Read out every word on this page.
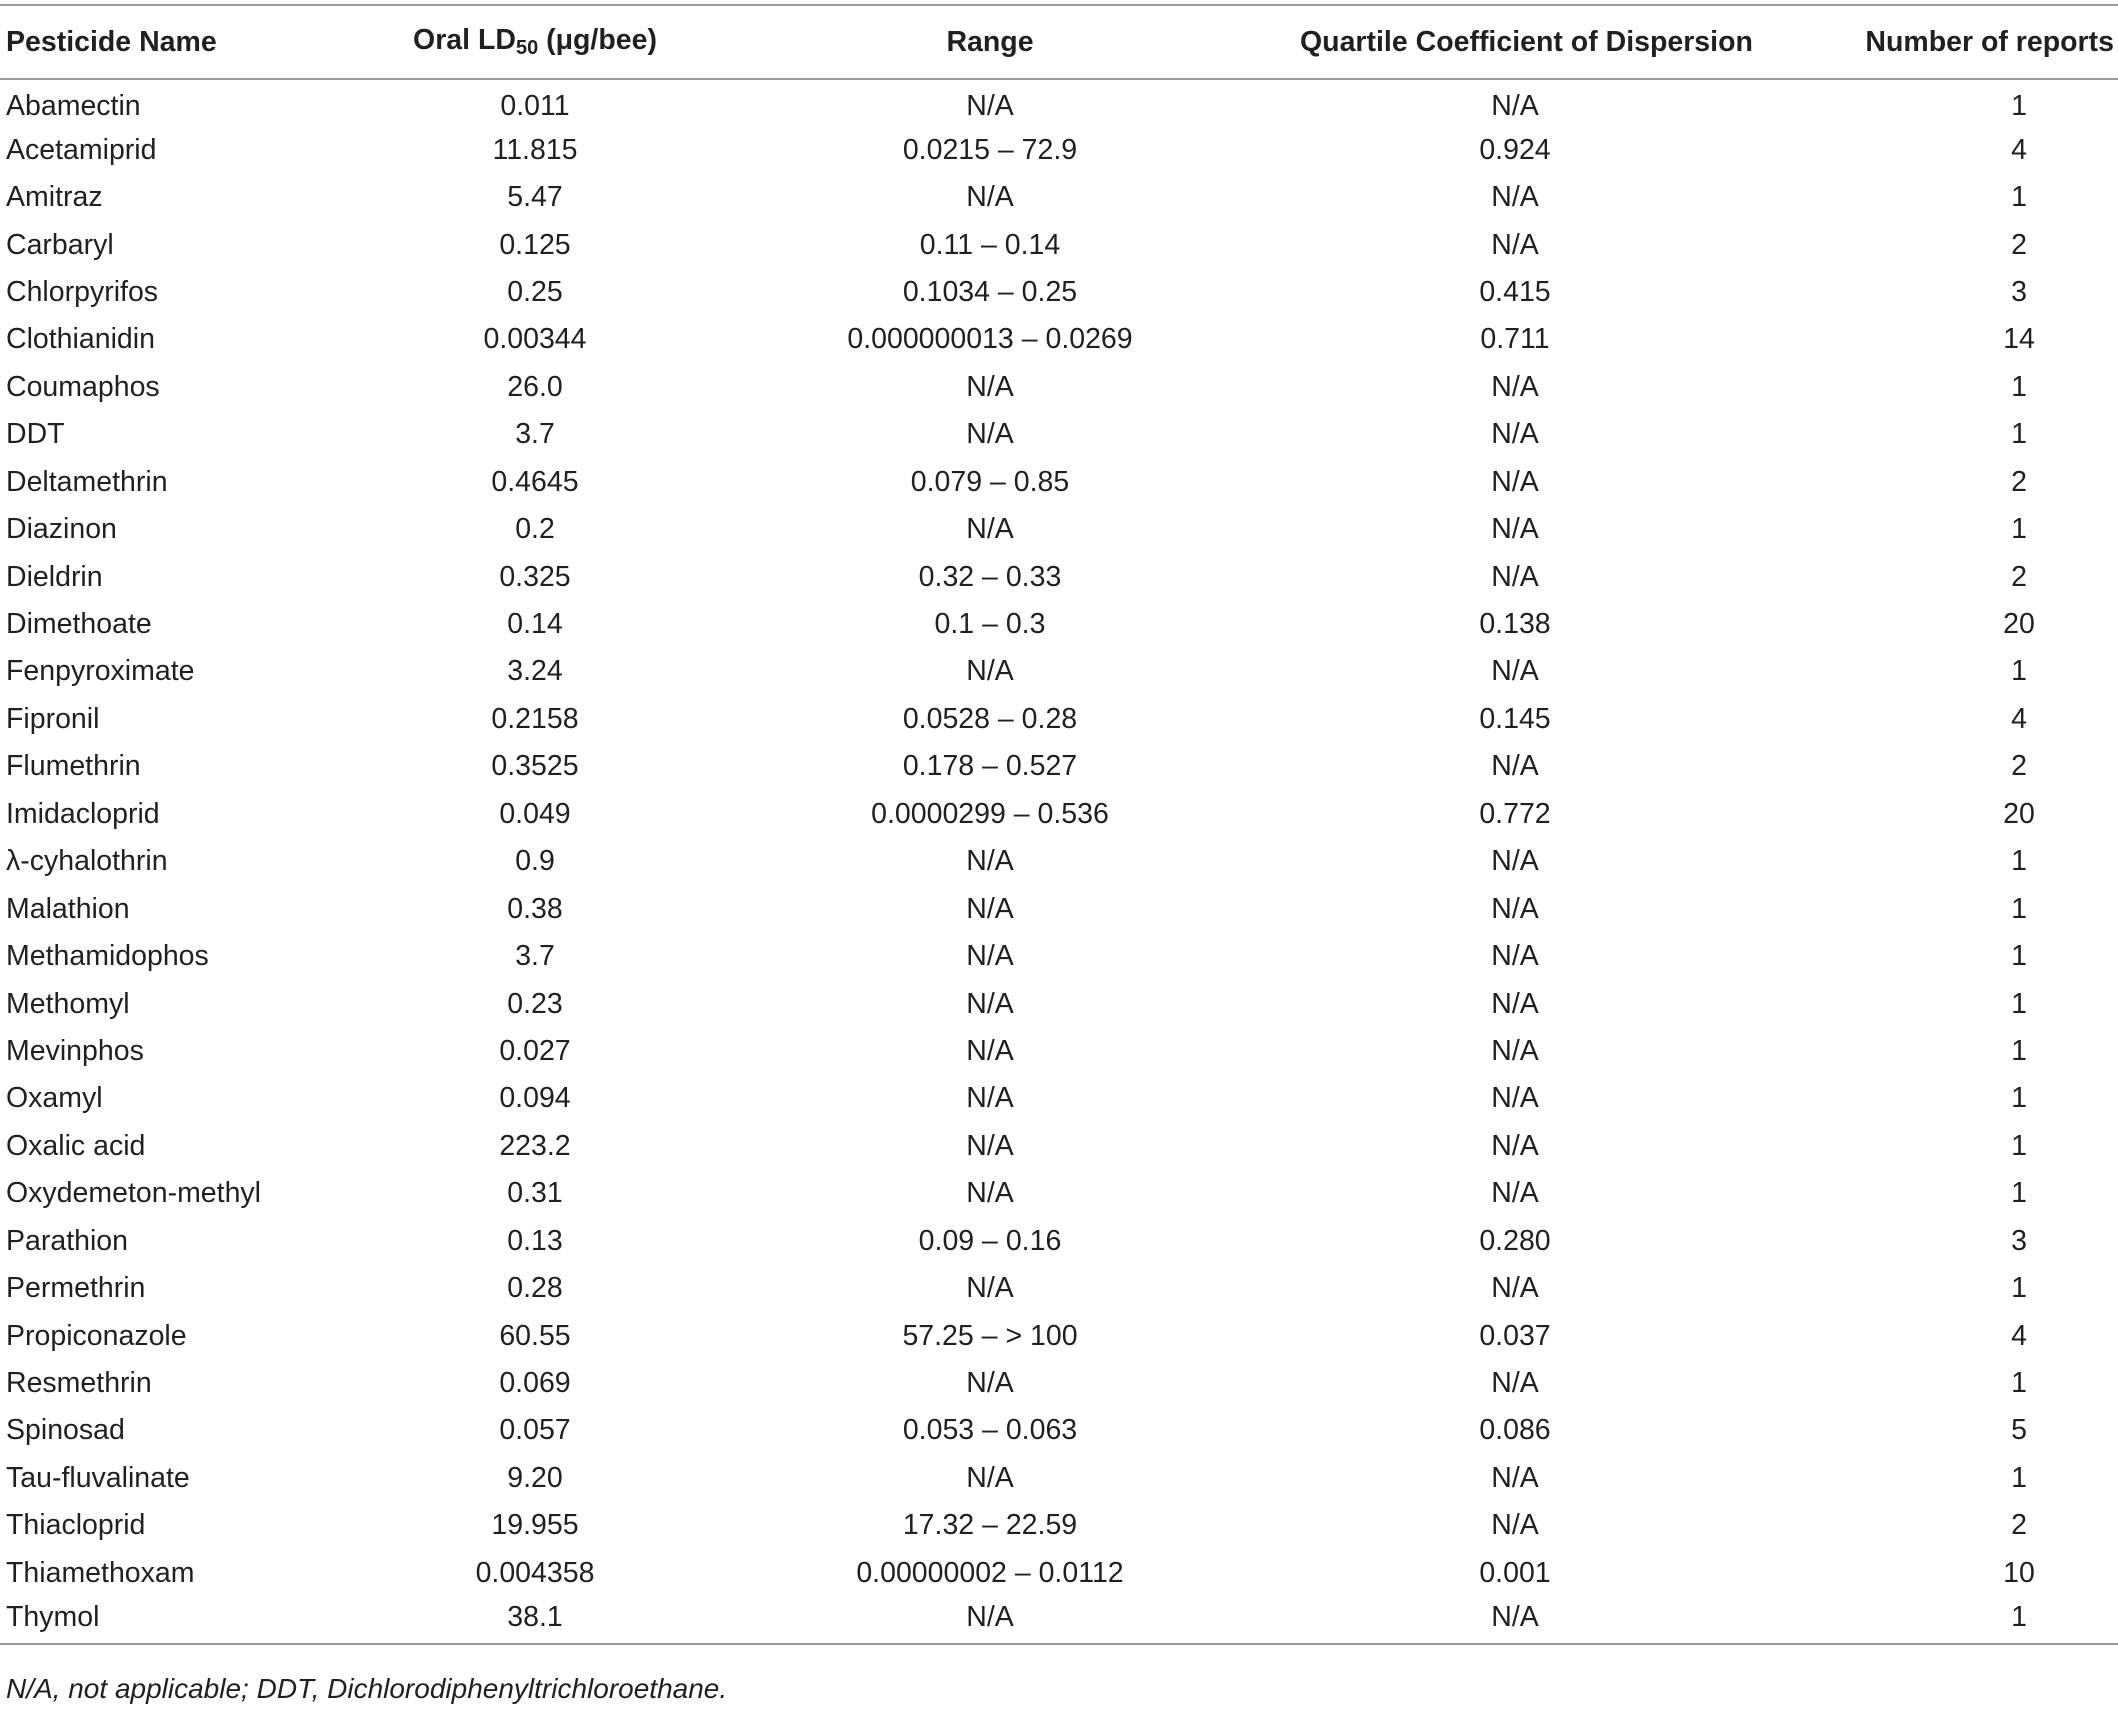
Pesticide Name	Oral $LD_{50}$ (μg/bee)	Range	Quartile Coefficient of Dispersion	Number of reports
Abamectin	0.011	N/A	N/A	1
Acetamiprid	11.815	0.0215 – 72.9	0.924	4
Amitraz	5.47	N/A	N/A	1
Carbaryl	0.125	0.11 – 0.14	N/A	2
Chlorpyrifos	0.25	0.1034 – 0.25	0.415	3
Clothianidin	0.00344	0.000000013 – 0.0269	0.711	14
Coumaphos	26.0	N/A	N/A	1
DDT	3.7	N/A	N/A	1
Deltamethrin	0.4645	0.079 – 0.85	N/A	2
Diazinon	0.2	N/A	N/A	1
Dieldrin	0.325	0.32 – 0.33	N/A	2
Dimethoate	0.14	0.1 – 0.3	0.138	20
Fenpyroximate	3.24	N/A	N/A	1
Fipronil	0.2158	0.0528 – 0.28	0.145	4
Flumethrin	0.3525	0.178 – 0.527	N/A	2
Imidacloprid	0.049	0.0000299 – 0.536	0.772	20
λ-cyhalothrin	0.9	N/A	N/A	1
Malathion	0.38	N/A	N/A	1
Methamidophos	3.7	N/A	N/A	1
Methomyl	0.23	N/A	N/A	1
Mevinphos	0.027	N/A	N/A	1
Oxamyl	0.094	N/A	N/A	1
Oxalic acid	223.2	N/A	N/A	1
Oxydemeton-methyl	0.31	N/A	N/A	1
Parathion	0.13	0.09 – 0.16	0.280	3
Permethrin	0.28	N/A	N/A	1
Propiconazole	60.55	57.25 – > 100	0.037	4
Resmethrin	0.069	N/A	N/A	1
Spinosad	0.057	0.053 – 0.063	0.086	5
Tau-fluvalinate	9.20	N/A	N/A	1
Thiacloprid	19.955	17.32 – 22.59	N/A	2
Thiamethoxam	0.004358	0.00000002 – 0.0112	0.001	10
Thymol	38.1	N/A	N/A	1
N/A, not applicable; DDT, Dichlorodiphenyltrichloroethane.
